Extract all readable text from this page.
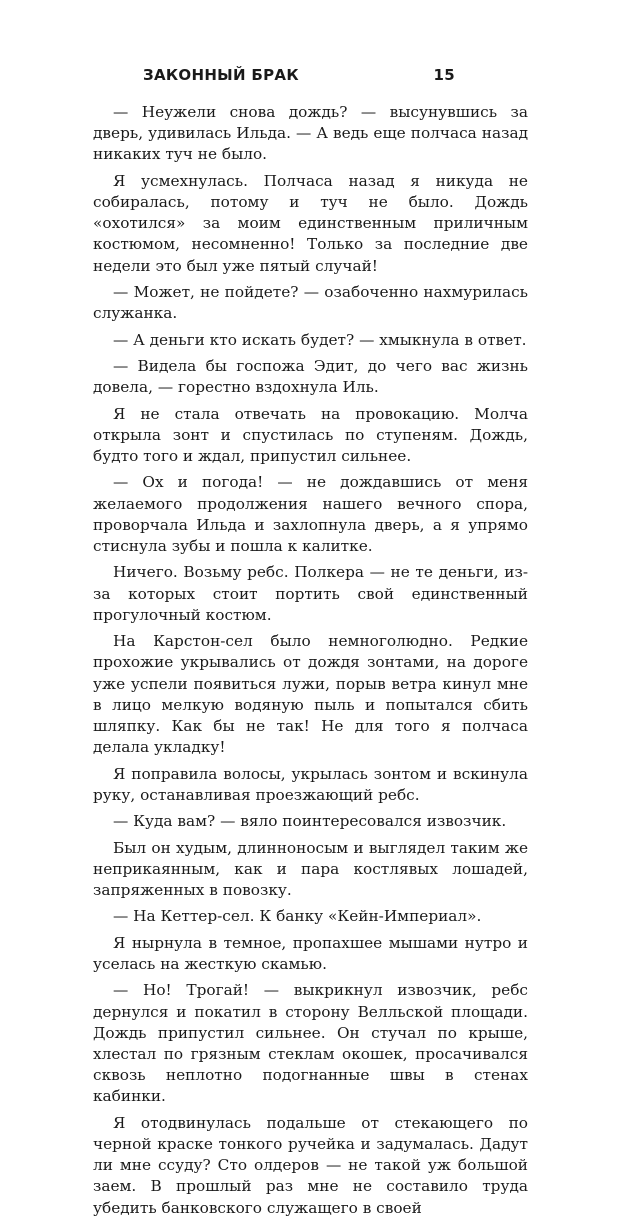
ЗАКОННЫЙ БРАК	15

— Неужели снова дождь? — высунувшись за дверь, удивилась Ильда. — А ведь еще полчаса назад никаких туч не было.

Я усмехнулась. Полчаса назад я никуда не собиралась, потому и туч не было. Дождь «охотился» за моим единственным приличным костюмом, несомненно! Только за последние две недели это был уже пятый случай!

— Может, не пойдете? — озабоченно нахмурилась служанка.

— А деньги кто искать будет? — хмыкнула в ответ.

— Видела бы госпожа Эдит, до чего вас жизнь довела, — горестно вздохнула Иль.

Я не стала отвечать на провокацию. Молча открыла зонт и спустилась по ступеням. Дождь, будто того и ждал, припустил сильнее.

— Ох и погода! — не дождавшись от меня желаемого продолжения нашего вечного спора, проворчала Ильда и захлопнула дверь, а я упрямо стиснула зубы и пошла к калитке.

Ничего. Возьму ребс. Полкера — не те деньги, из-за которых стоит портить свой единственный прогулочный костюм.

На Карстон-сел было немноголюдно. Редкие прохожие укрывались от дождя зонтами, на дороге уже успели появиться лужи, порыв ветра кинул мне в лицо мелкую водяную пыль и попытался сбить шляпку. Как бы не так! Не для того я полчаса делала укладку!

Я поправила волосы, укрылась зонтом и вскинула руку, останавливая проезжающий ребс.

— Куда вам? — вяло поинтересовался извозчик.

Был он худым, длинноносым и выглядел таким же неприкаянным, как и пара костлявых лошадей, запряженных в повозку.

— На Кеттер-сел. К банку «Кейн-Империал».

Я нырнула в темное, пропахшее мышами нутро и уселась на жесткую скамью.

— Но! Трогай! — выкрикнул извозчик, ребс дернулся и покатил в сторону Велльской площади. Дождь припустил сильнее. Он стучал по крыше, хлестал по грязным стеклам окошек, просачивался сквозь неплотно подогнанные швы в стенах кабинки.

Я отодвинулась подальше от стекающего по черной краске тонкого ручейка и задумалась. Дадут ли мне ссуду? Сто олдеров — не такой уж большой заем. В прошлый раз мне не составило труда убедить банковского служащего в своей
